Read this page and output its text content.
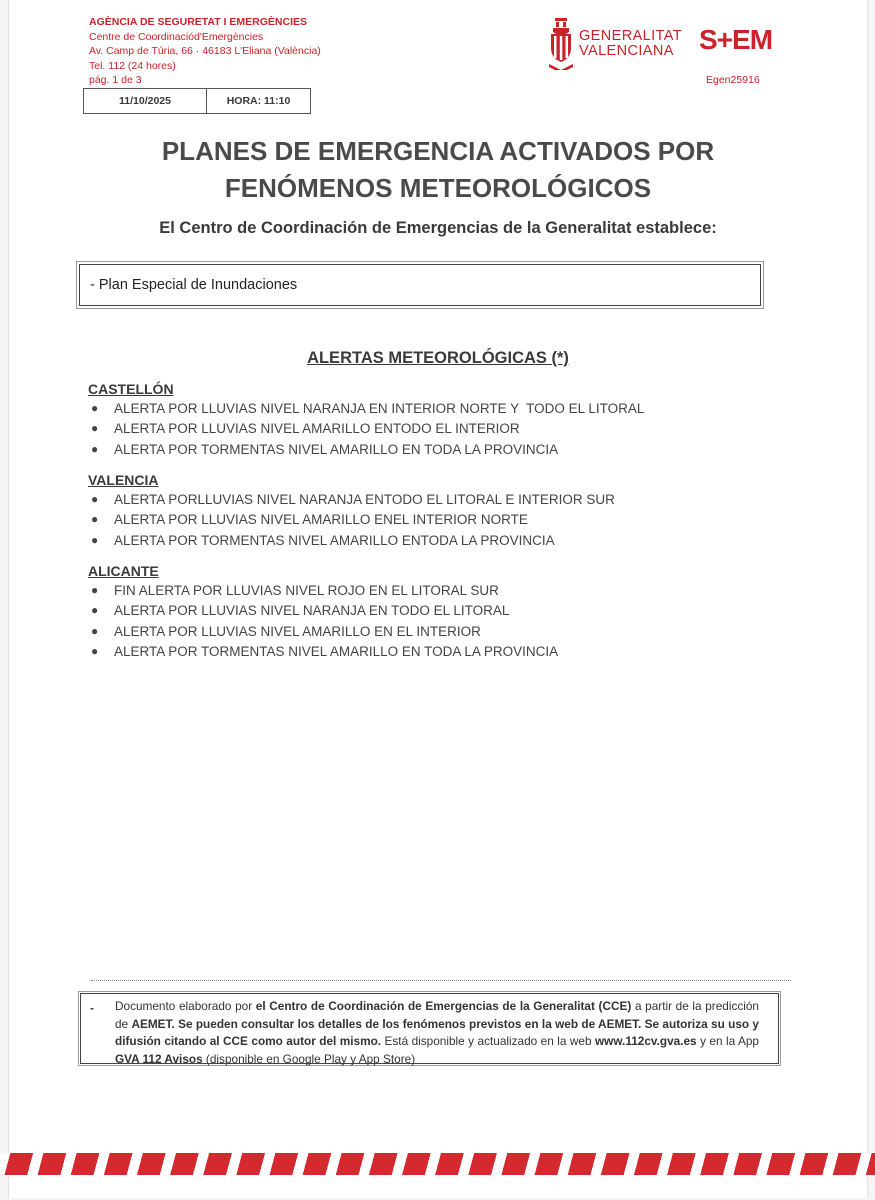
AGÈNCIA DE SEGURETAT I EMERGÈNCIES
Centre de Coordinaciód'Emergències
Av. Camp de Túria, 66 · 46183 L'Eliana (València)
Tel. 112 (24 hores)
pág. 1 de 3
11/10/2025	HORA: 11:10
GENERALITAT
VALENCIANA S+EM
Egen25916
PLANES DE EMERGENCIA ACTIVADOS POR
FENÓMENOS METEOROLÓGICOS
El Centro de Coordinación de Emergencias de la Generalitat establece:
- Plan Especial de Inundaciones
ALERTAS METEOROLÓGICAS (*)
CASTELLÓN
● ALERTA POR LLUVIAS NIVEL NARANJA EN INTERIOR NORTE Y  TODO EL LITORAL
● ALERTA POR LLUVIAS NIVEL AMARILLO ENTODO EL INTERIOR
● ALERTA POR TORMENTAS NIVEL AMARILLO EN TODA LA PROVINCIA
VALENCIA
● ALERTA PORLLUVIAS NIVEL NARANJA ENTODO EL LITORAL E INTERIOR SUR
● ALERTA POR LLUVIAS NIVEL AMARILLO ENEL INTERIOR NORTE
● ALERTA POR TORMENTAS NIVEL AMARILLO ENTODA LA PROVINCIA
ALICANTE
● FIN ALERTA POR LLUVIAS NIVEL ROJO EN EL LITORAL SUR
● ALERTA POR LLUVIAS NIVEL NARANJA EN TODO EL LITORAL
● ALERTA POR LLUVIAS NIVEL AMARILLO EN EL INTERIOR
● ALERTA POR TORMENTAS NIVEL AMARILLO EN TODA LA PROVINCIA
- Documento elaborado por el Centro de Coordinación de Emergencias de la Generalitat (CCE) a partir de la predicción de AEMET. Se pueden consultar los detalles de los fenómenos previstos en la web de AEMET. Se autoriza su uso y difusión citando al CCE como autor del mismo. Está disponible y actualizado en la web www.112cv.gva.es y en la App GVA 112 Avisos (disponible en Google Play y App Store)
